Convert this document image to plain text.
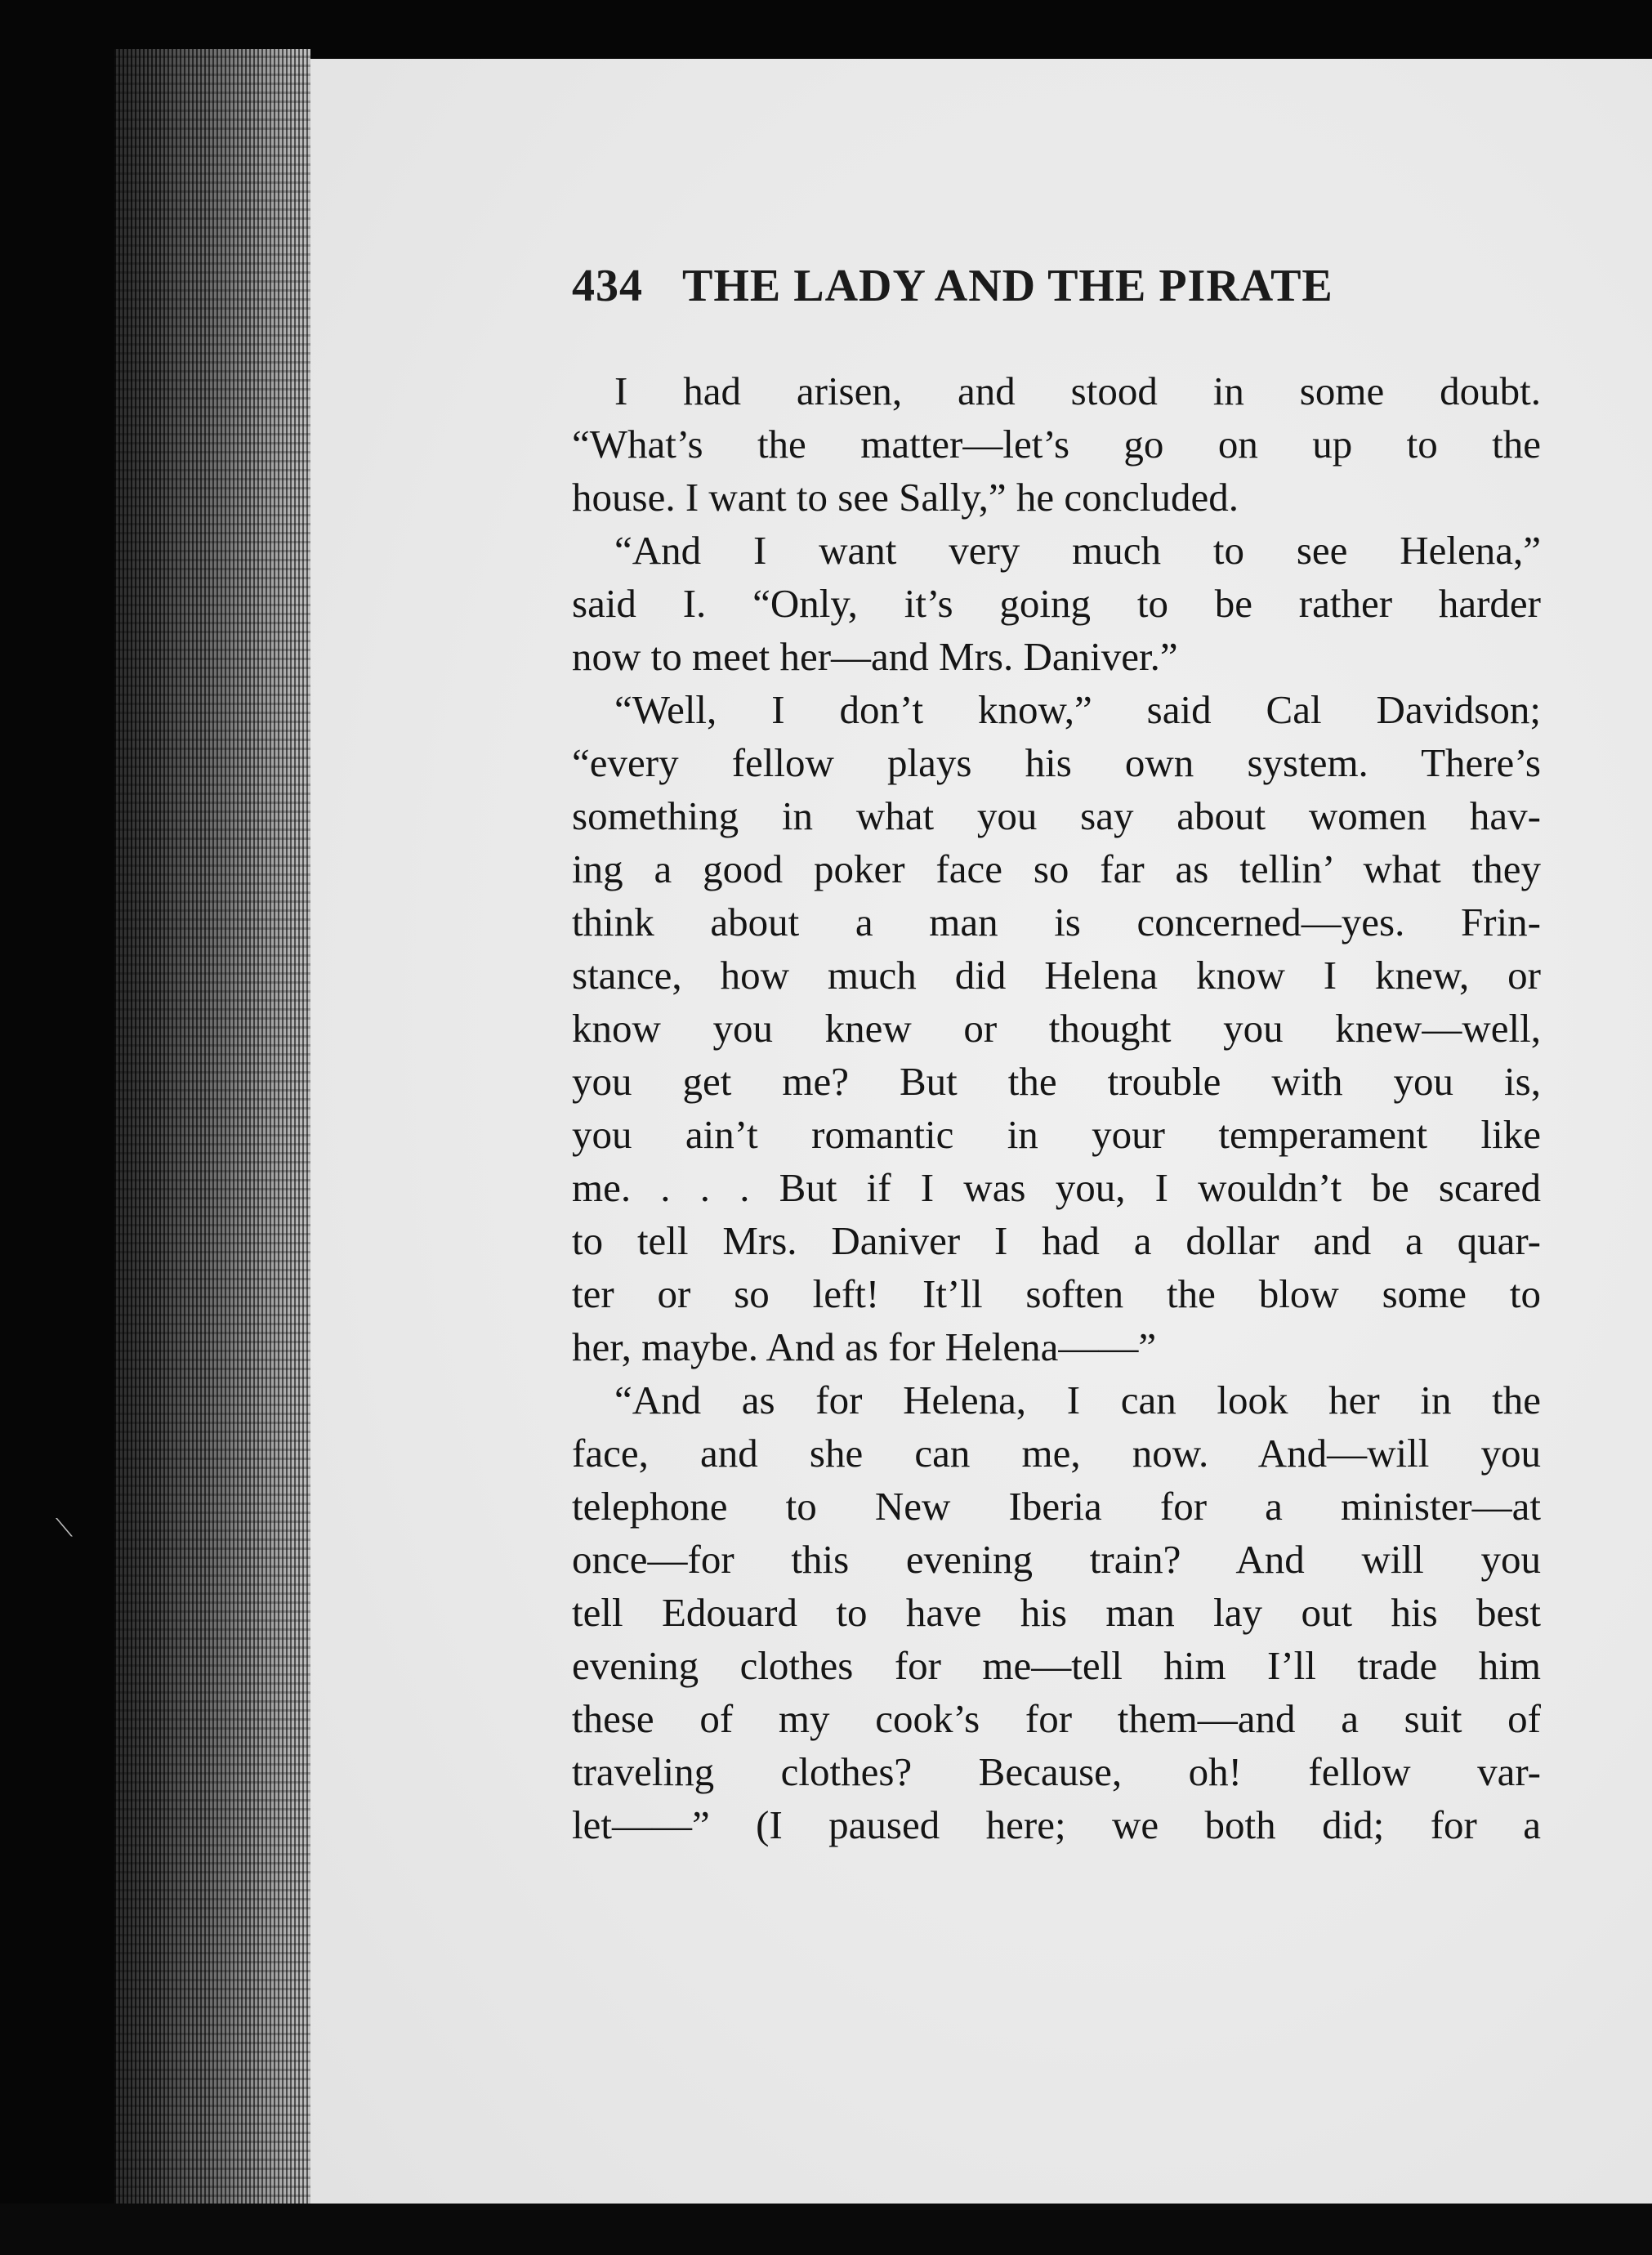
⟍
434 THE LADY AND THE PIRATE
I had arisen, and stood in some doubt.
“What’s the matter—let’s go on up to the
house. I want to see Sally,” he concluded.
“And I want very much to see Helena,”
said I. “Only, it’s going to be rather harder
now to meet her—and Mrs. Daniver.”
“Well, I don’t know,” said Cal Davidson;
“every fellow plays his own system. There’s
something in what you say about women hav-
ing a good poker face so far as tellin’ what they
think about a man is concerned—yes. Frin-
stance, how much did Helena know I knew, or
know you knew or thought you knew—well,
you get me? But the trouble with you is,
you ain’t romantic in your temperament like
me. . . . But if I was you, I wouldn’t be scared
to tell Mrs. Daniver I had a dollar and a quar-
ter or so left! It’ll soften the blow some to
her, maybe. And as for Helena——”
“And as for Helena, I can look her in the
face, and she can me, now. And—will you
telephone to New Iberia for a minister—at
once—for this evening train? And will you
tell Edouard to have his man lay out his best
evening clothes for me—tell him I’ll trade him
these of my cook’s for them—and a suit of
traveling clothes? Because, oh! fellow var-
let——” (I paused here; we both did; for a
